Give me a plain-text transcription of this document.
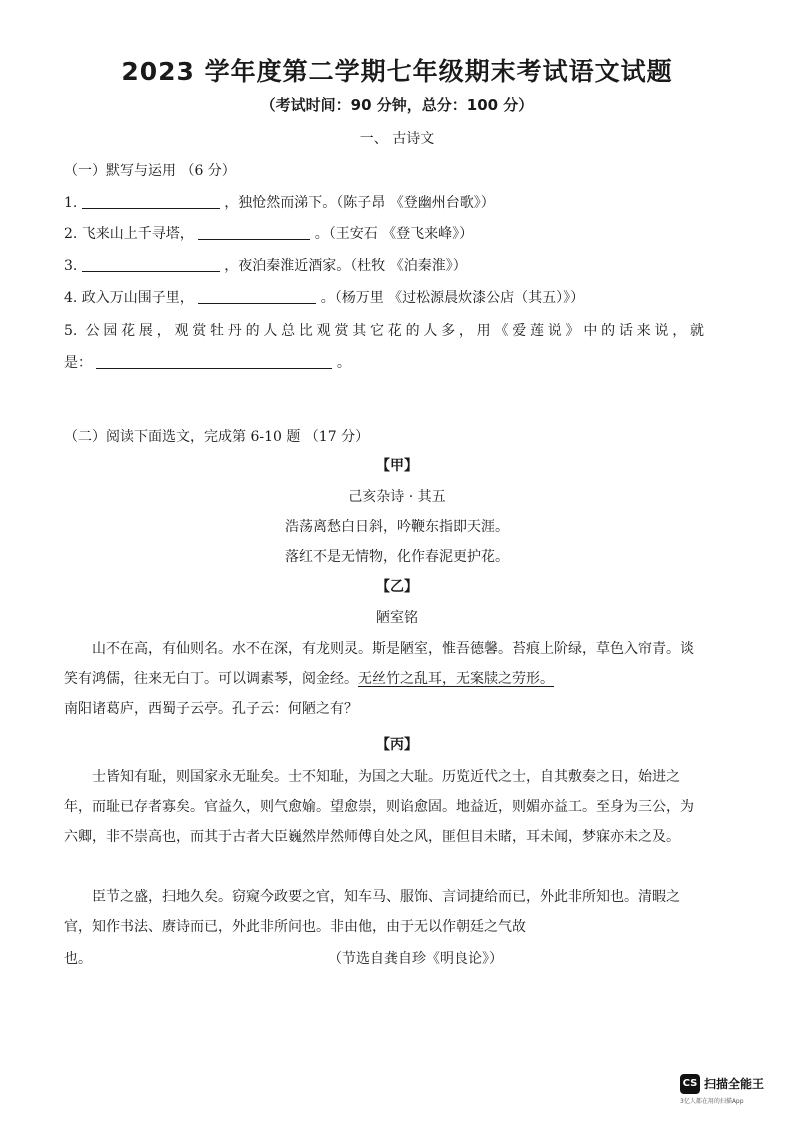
2023 学年度第二学期七年级期末考试语文试题
（考试时间：90 分钟，总分：100 分）
一、 古诗文
（一）默写与运用 （6 分）
1.	，独怆然而涕下。（陈子昂 《登幽州台歌》）
2. 飞来山上千寻塔，	。（王安石 《登飞来峰》）
3.	，夜泊秦淮近酒家。（杜牧 《泊秦淮》）
4. 政入万山围子里，	。（杨万里 《过松源晨炊漆公店（其五）》）
5. 公园花展，观赏牡丹的人总比观赏其它花的人多，用《爱莲说》中的话来说，就
是：	。
（二）阅读下面选文，完成第 6-10 题 （17 分）
【甲】
己亥杂诗 · 其五
浩荡离愁白日斜，吟鞭东指即天涯。
落红不是无情物，化作春泥更护花。
【乙】
陋室铭
山不在高，有仙则名。水不在深，有龙则灵。斯是陋室，惟吾德馨。苔痕上阶绿，草色入帘青。谈笑有鸿儒，往来无白丁。可以调素琴，阅金经。无丝竹之乱耳，无案牍之劳形。
南阳诸葛庐，西蜀子云亭。孔子云：何陋之有？
【丙】
士皆知有耻，则国家永无耻矣。士不知耻，为国之大耻。历览近代之士，自其敷奏之日，始进之年，而耻已存者寡矣。官益久，则气愈媮。望愈崇，则谄愈固。地益近，则媚亦益工。至身为三公，为六卿，非不崇高也，而其于古者大臣巍然岸然师傅自处之风，匪但目未睹，耳未闻，梦寐亦未之及。
臣节之盛，扫地久矣。窃窥今政要之官，知车马、服饰、言词捷给而已，外此非所知也。清暇之官，知作书法、赓诗而已，外此非所问也。非由他，由于无以作朝廷之气故
也。	（节选自龚自珍《明良论》）
CS 扫描全能王
3亿人都在用的扫描App
